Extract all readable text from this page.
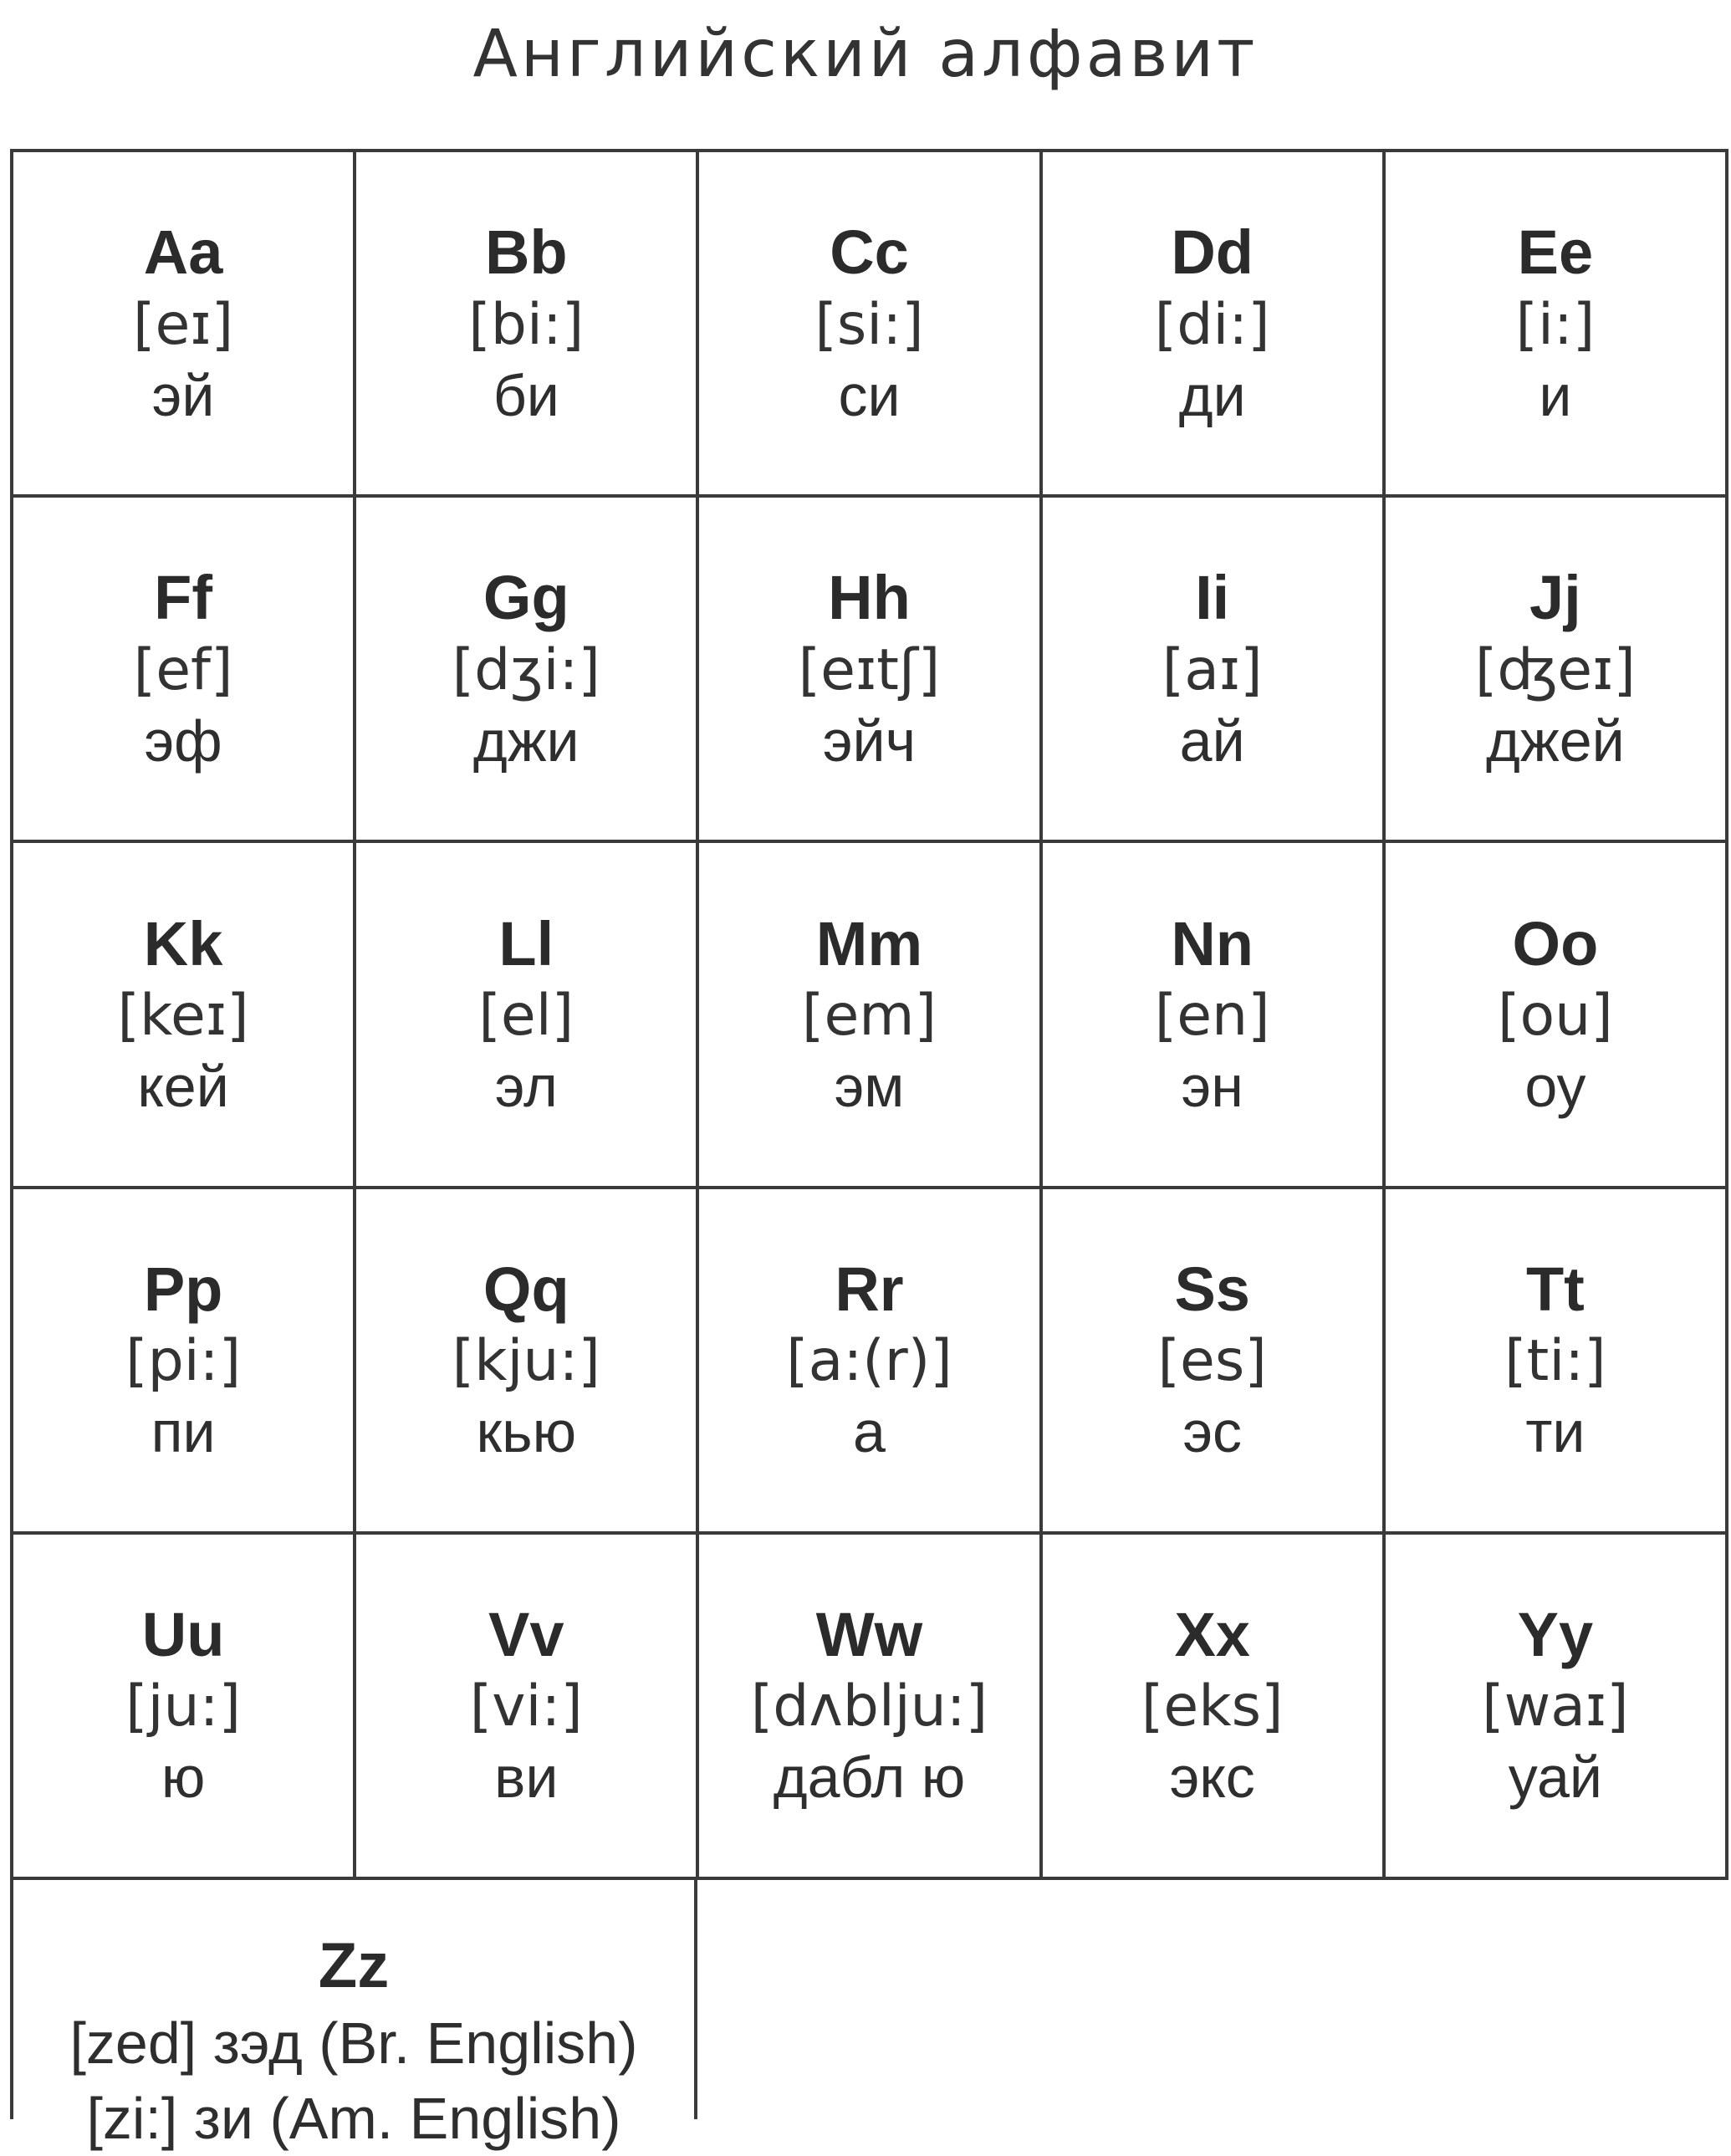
Английский алфавит
Aa
[eɪ]
эй
Bb
[bi:]
би
Cc
[si:]
си
Dd
[di:]
ди
Ee
[i:]
и
Ff
[ef]
эф
Gg
[dʒi:]
джи
Hh
[eɪtʃ]
эйч
Ii
[aɪ]
ай
Jj
[ʤeɪ]
джей
Kk
[keɪ]
кей
Ll
[el]
эл
Mm
[em]
эм
Nn
[en]
эн
Oo
[ou]
оу
Pp
[pi:]
пи
Qq
[kju:]
кью
Rr
[a:(r)]
а
Ss
[es]
эс
Tt
[ti:]
ти
Uu
[ju:]
ю
Vv
[vi:]
ви
Ww
[dʌblju:]
дабл ю
Xx
[eks]
экс
Yy
[waɪ]
уай
Zz
[zed] зэд (Br. English)
[zi:] зи (Am. English)
